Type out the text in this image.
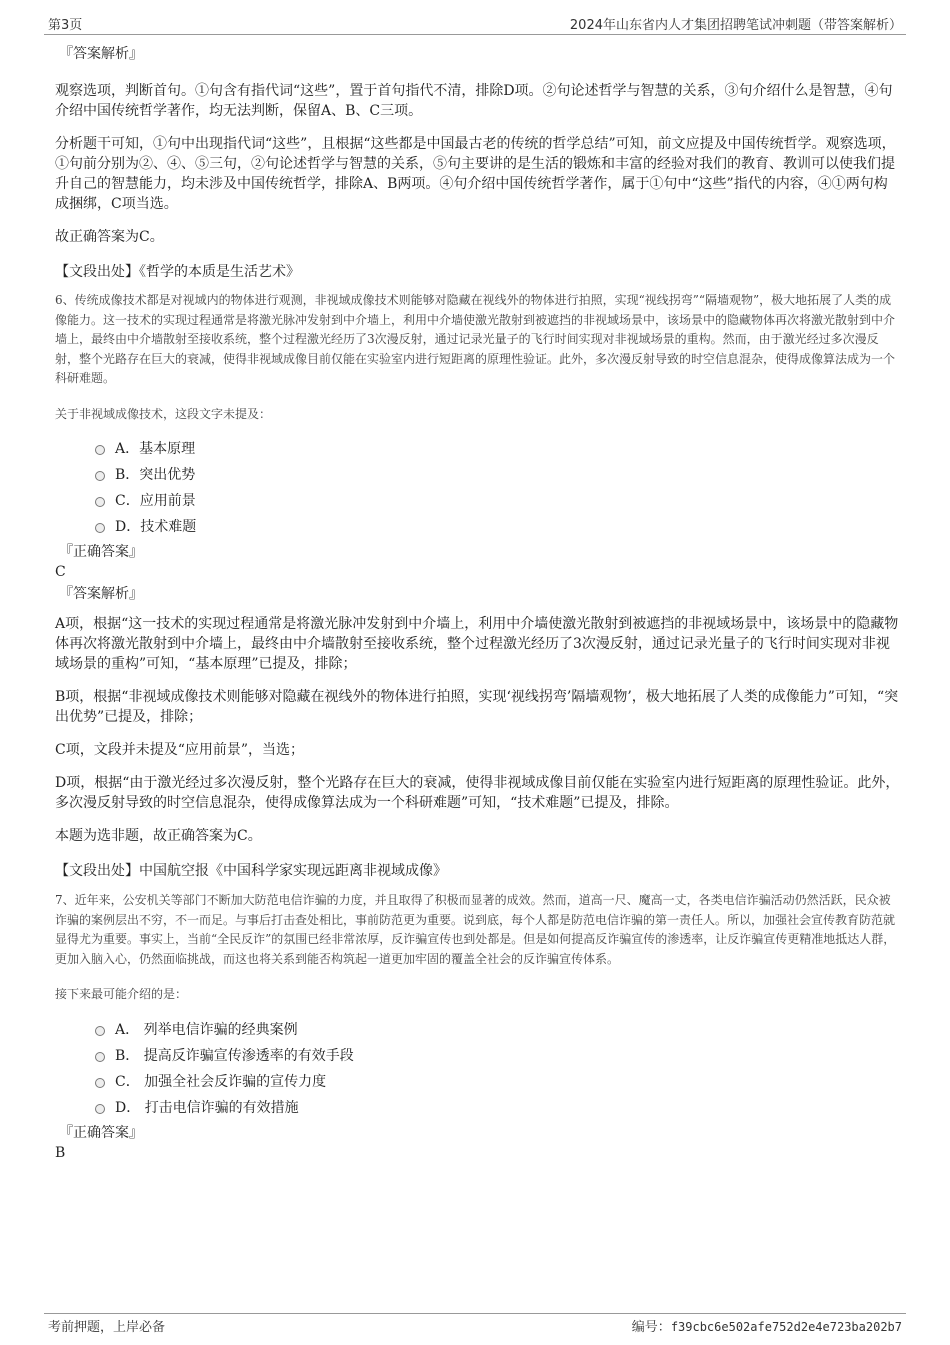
第3页	2024年山东省内人才集团招聘笔试冲刺题（带答案解析）

『答案解析』

观察选项，判断首句。①句含有指代词“这些”，置于首句指代不清，排除D项。②句论述哲学与智慧的关系，③句介绍什么是智慧，④句介绍中国传统哲学著作，均无法判断，保留A、B、C三项。

分析题干可知，①句中出现指代词“这些”，且根据“这些都是中国最古老的传统的哲学总结”可知，前文应提及中国传统哲学。观察选项，①句前分别为②、④、⑤三句，②句论述哲学与智慧的关系，⑤句主要讲的是生活的锻炼和丰富的经验对我们的教育、教训可以使我们提升自己的智慧能力，均未涉及中国传统哲学，排除A、B两项。④句介绍中国传统哲学著作，属于①句中“这些”指代的内容，④①两句构成捆绑，C项当选。

故正确答案为C。

【文段出处】《哲学的本质是生活艺术》

6、传统成像技术都是对视域内的物体进行观测，非视域成像技术则能够对隐藏在视线外的物体进行拍照，实现“视线拐弯”“隔墙观物”，极大地拓展了人类的成像能力。这一技术的实现过程通常是将激光脉冲发射到中介墙上，利用中介墙使激光散射到被遮挡的非视域场景中，该场景中的隐藏物体再次将激光散射到中介墙上，最终由中介墙散射至接收系统，整个过程激光经历了3次漫反射，通过记录光量子的飞行时间实现对非视域场景的重构。然而，由于激光经过多次漫反射，整个光路存在巨大的衰减，使得非视域成像目前仅能在实验室内进行短距离的原理性验证。此外，多次漫反射导致的时空信息混杂，使得成像算法成为一个科研难题。

关于非视域成像技术，这段文字未提及：

A．基本原理
B．突出优势
C．应用前景
D．技术难题

『正确答案』

C

『答案解析』

A项，根据“这一技术的实现过程通常是将激光脉冲发射到中介墙上，利用中介墙使激光散射到被遮挡的非视域场景中，该场景中的隐藏物体再次将激光散射到中介墙上，最终由中介墙散射至接收系统，整个过程激光经历了3次漫反射，通过记录光量子的飞行时间实现对非视域场景的重构”可知，“基本原理”已提及，排除；

B项，根据“非视域成像技术则能够对隐藏在视线外的物体进行拍照，实现‘视线拐弯’隔墙观物’，极大地拓展了人类的成像能力”可知，“突出优势”已提及，排除；

C项，文段并未提及“应用前景”，当选；

D项，根据“由于激光经过多次漫反射，整个光路存在巨大的衰减，使得非视域成像目前仅能在实验室内进行短距离的原理性验证。此外，多次漫反射导致的时空信息混杂，使得成像算法成为一个科研难题”可知，“技术难题”已提及，排除。

本题为选非题，故正确答案为C。

【文段出处】中国航空报《中国科学家实现远距离非视域成像》

7、近年来，公安机关等部门不断加大防范电信诈骗的力度，并且取得了积极而显著的成效。然而，道高一尺、魔高一丈，各类电信诈骗活动仍然活跃，民众被诈骗的案例层出不穷，不一而足。与事后打击查处相比，事前防范更为重要。说到底，每个人都是防范电信诈骗的第一责任人。所以，加强社会宣传教育防范就显得尤为重要。事实上，当前“全民反诈”的氛围已经非常浓厚，反诈骗宣传也到处都是。但是如何提高反诈骗宣传的渗透率，让反诈骗宣传更精准地抵达人群，更加入脑入心，仍然面临挑战，而这也将关系到能否构筑起一道更加牢固的覆盖全社会的反诈骗宣传体系。

接下来最可能介绍的是：

A． 列举电信诈骗的经典案例
B． 提高反诈骗宣传渗透率的有效手段
C． 加强全社会反诈骗的宣传力度
D． 打击电信诈骗的有效措施

『正确答案』

B

考前押题，上岸必备	编号：f39cbc6e502afe752d2e4e723ba202b7
